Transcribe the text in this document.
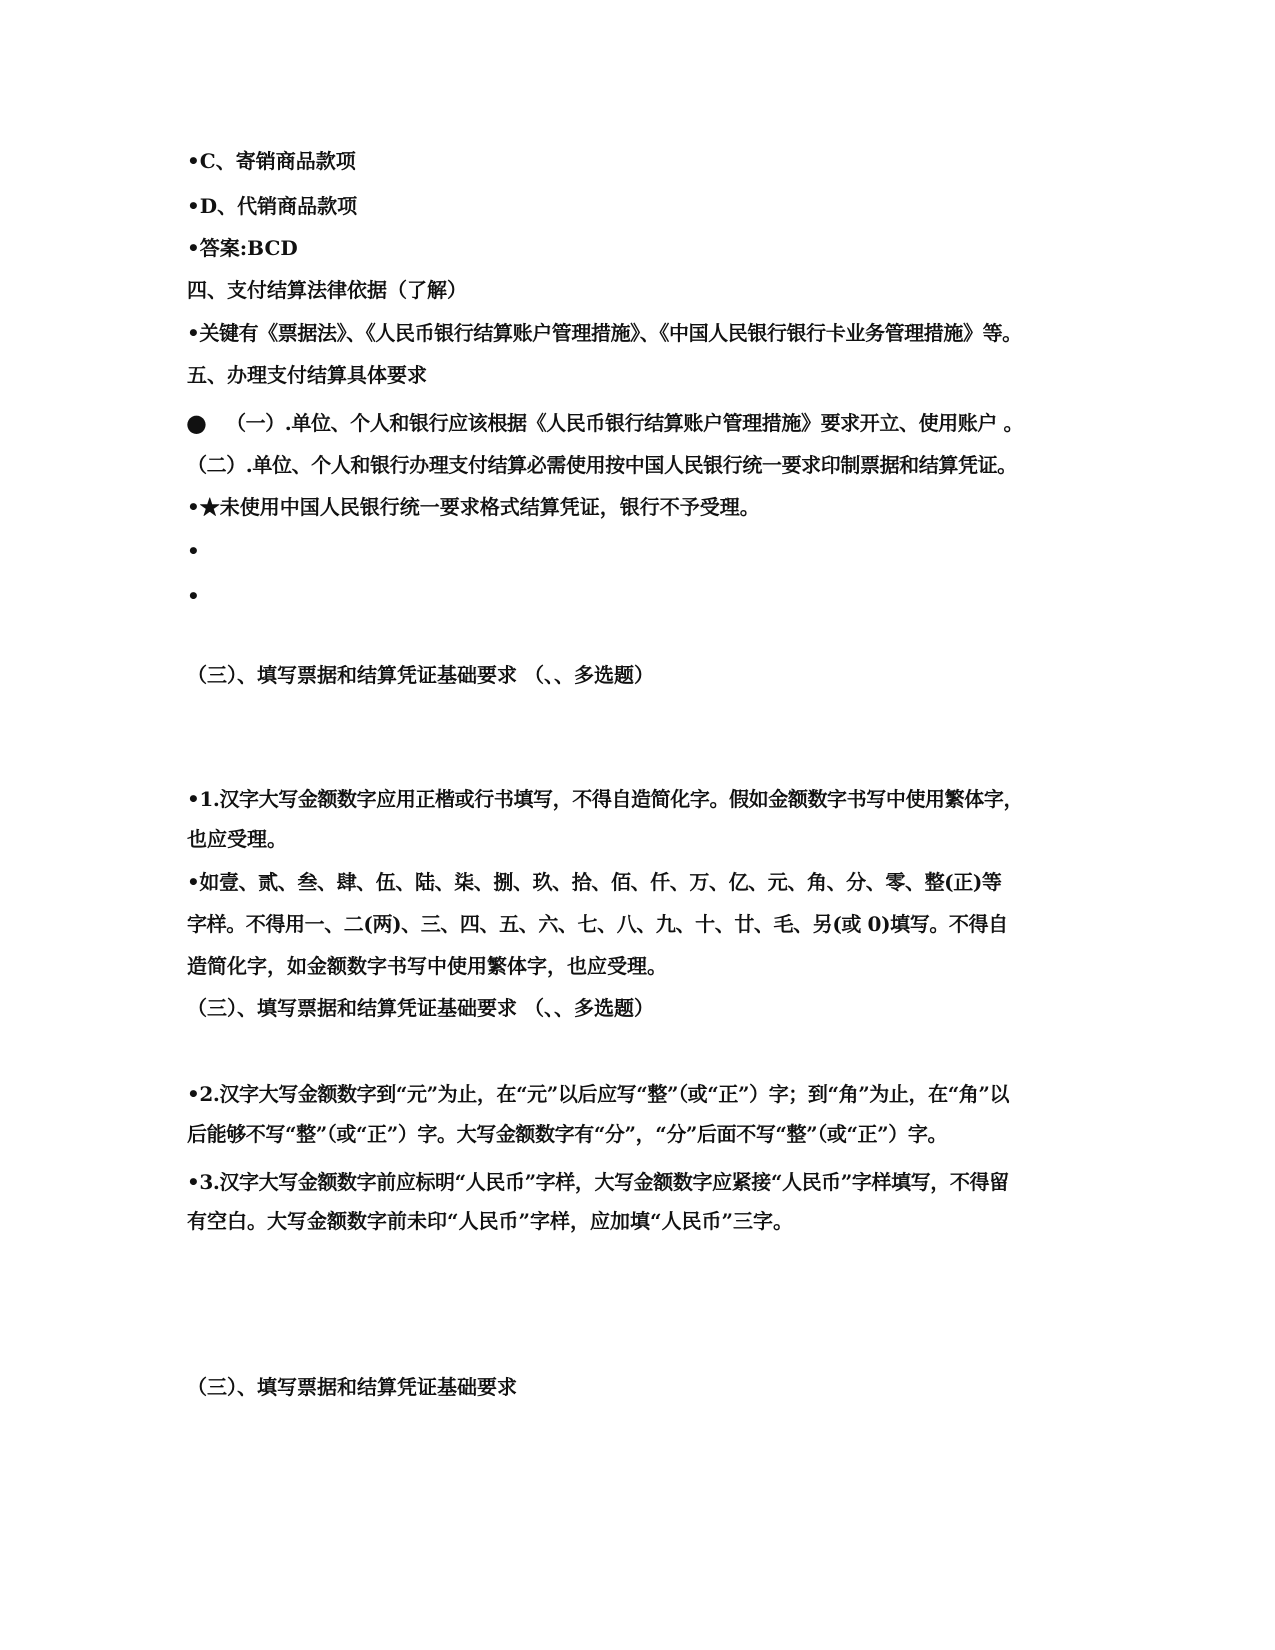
•C、寄销商品款项
•D、代销商品款项
•答案:BCD
四、支付结算法律依据（了解）
•关键有《票据法》、《人民币银行结算账户管理措施》、《中国人民银行银行卡业务管理措施》等。
五、办理支付结算具体要求
● （一）.单位、个人和银行应该根据《人民币银行结算账户管理措施》要求开立、使用账户 。
（二）.单位、个人和银行办理支付结算必需使用按中国人民银行统一要求印制票据和结算凭证。
•★未使用中国人民银行统一要求格式结算凭证，银行不予受理。
•
•
（三）、填写票据和结算凭证基础要求 （、、多选题）
•1.汉字大写金额数字应用正楷或行书填写，不得自造简化字。假如金额数字书写中使用繁体字，
也应受理。
•如壹、贰、叁、肆、伍、陆、柒、捌、玖、拾、佰、仟、万、亿、元、角、分、零、整(正)等
字样。不得用一、二(两)、三、四、五、六、七、八、九、十、廿、毛、另(或 0)填写。不得自
造简化字，如金额数字书写中使用繁体字，也应受理。
（三）、填写票据和结算凭证基础要求 （、、多选题）
•2.汉字大写金额数字到“元”为止，在“元”以后应写“整”（或“正”）字；到“角”为止，在“角”以
后能够不写“整”（或“正”）字。大写金额数字有“分”，“分”后面不写“整”（或“正”）字。
•3.汉字大写金额数字前应标明“人民币”字样，大写金额数字应紧接“人民币”字样填写，不得留
有空白。大写金额数字前未印“人民币”字样，应加填“人民币”三字。
（三）、填写票据和结算凭证基础要求
